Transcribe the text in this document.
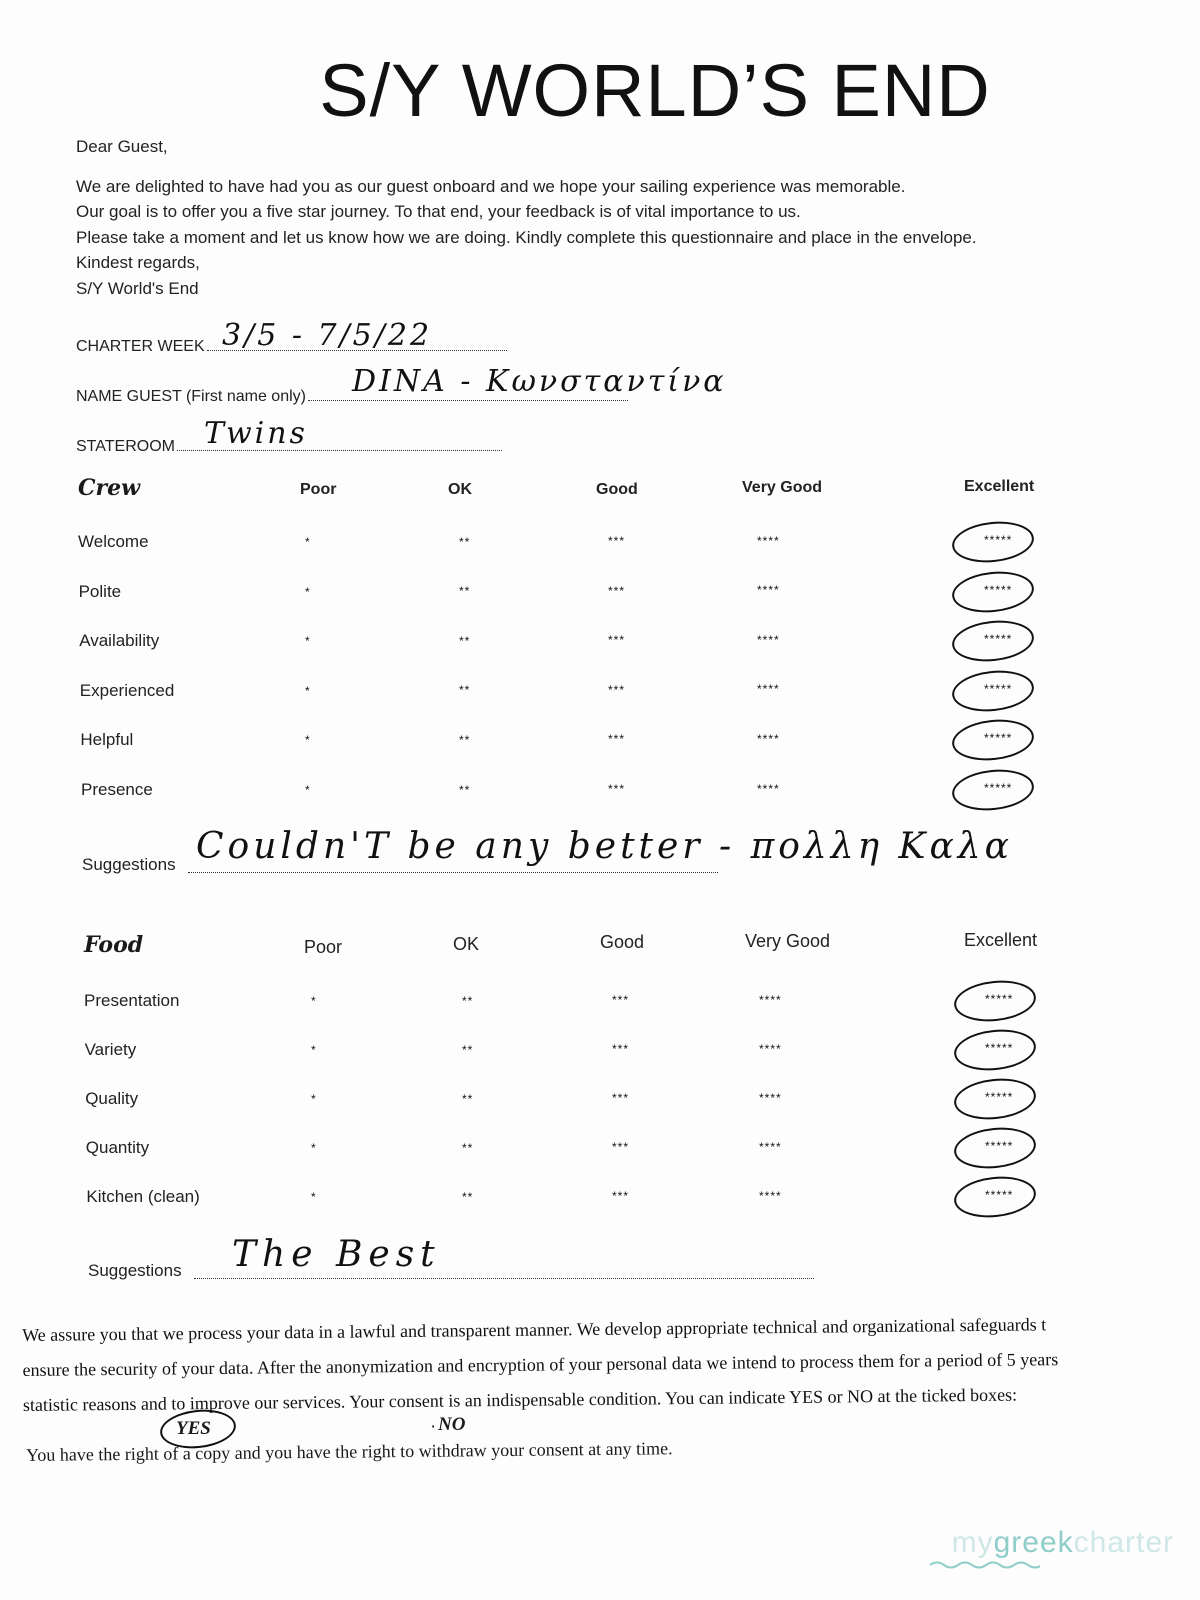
S/Y WORLD’S END
Dear Guest,
We are delighted to have had you as our guest onboard and we hope your sailing experience was memorable.
Our goal is to offer you a five star journey. To that end, your feedback is of vital importance to us.
Please take a moment and let us know how we are doing. Kindly complete this questionnaire and place in the envelope.
Kindest regards,
S/Y World's End
CHARTER WEEK 3/5 - 7/5/22
NAME GUEST (First name only)	DINA - Κωνσταντίνα
STATEROOM Twins
Crew	Poor	OK	Good	Very Good	Excellent
Welcome	*	**	***	****	*****
Polite	*	**	***	****	*****
Availability	*	**	***	****	*****
Experienced	*	**	***	****	*****
Helpful	*	**	***	****	*****
Presence	*	**	***	****	*****
Suggestions Couldn'T be any better - πολλη Καλα
Food	Poor	OK	Good	Very Good	Excellent
Presentation	*	**	***	****	*****
Variety	*	**	***	****	*****
Quality	*	**	***	****	*****
Quantity	*	**	***	****	*****
Kitchen (clean)	*	**	***	****	*****
Suggestions The Best
We assure you that we process your data in a lawful and transparent manner. We develop appropriate technical and organizational safeguards t
ensure the security of your data. After the anonymization and encryption of your personal data we intend to process them for a period of 5 years
statistic reasons and to improve our services. Your consent is an indispensable condition. You can indicate YES or NO at the ticked boxes:
YES	· NO
You have the right of a copy and you have the right to withdraw your consent at any time.
mygreekcharter
